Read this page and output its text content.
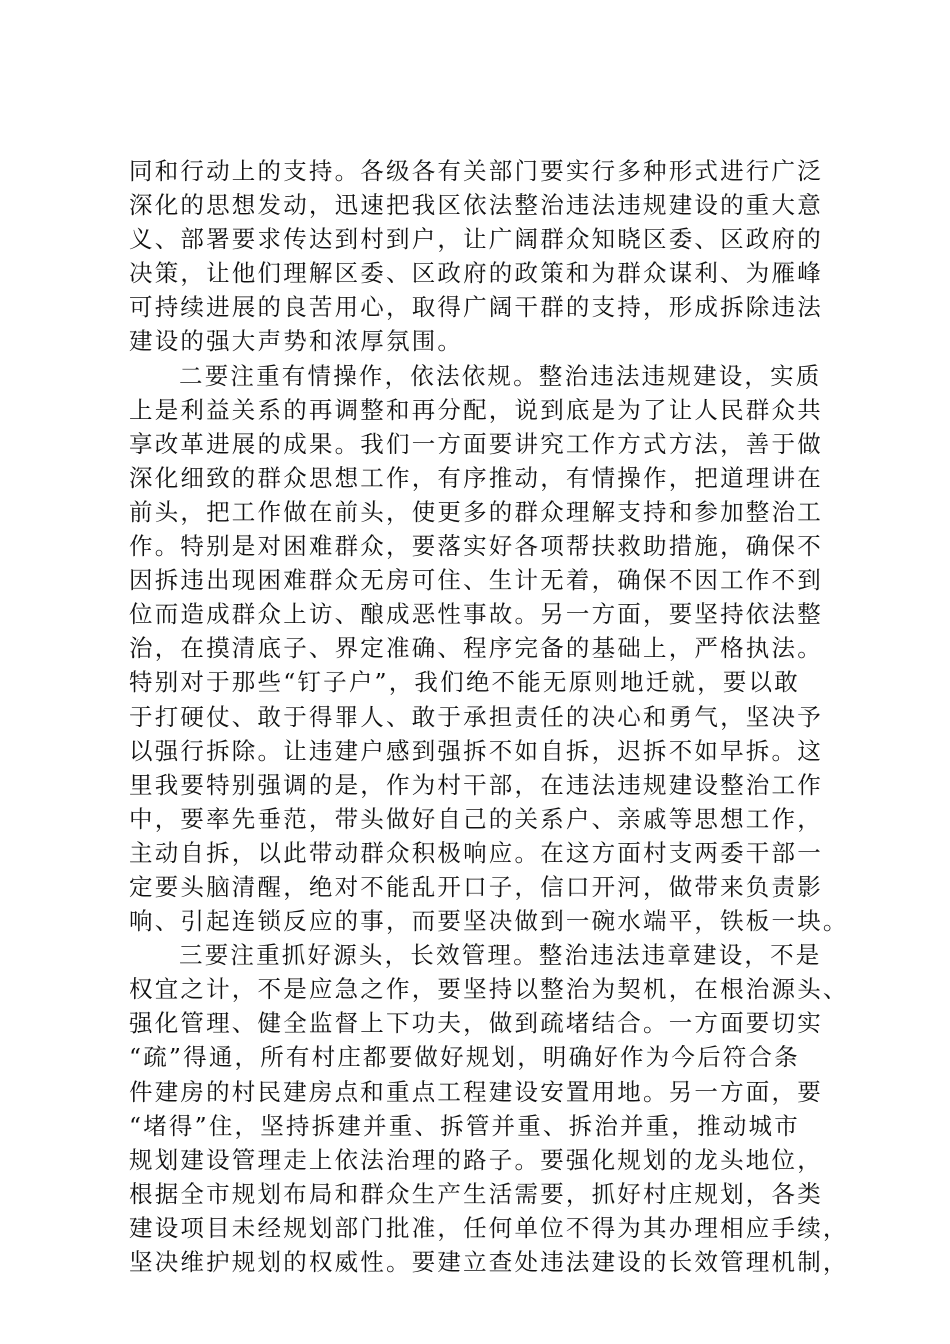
同和行动上的支持。各级各有关部门要实行多种形式进行广泛
深化的思想发动，迅速把我区依法整治违法违规建设的重大意
义、部署要求传达到村到户，让广阔群众知晓区委、区政府的
决策，让他们理解区委、区政府的政策和为群众谋利、为雁峰
可持续进展的良苦用心，取得广阔干群的支持，形成拆除违法
建设的强大声势和浓厚氛围。
二要注重有情操作，依法依规。整治违法违规建设，实质
上是利益关系的再调整和再分配，说到底是为了让人民群众共
享改革进展的成果。我们一方面要讲究工作方式方法，善于做
深化细致的群众思想工作，有序推动，有情操作，把道理讲在
前头，把工作做在前头，使更多的群众理解支持和参加整治工
作。特别是对困难群众，要落实好各项帮扶救助措施，确保不
因拆违出现困难群众无房可住、生计无着，确保不因工作不到
位而造成群众上访、酿成恶性事故。另一方面，要坚持依法整
治，在摸清底子、界定准确、程序完备的基础上，严格执法。
特别对于那些“钉子户”，我们绝不能无原则地迁就，要以敢
于打硬仗、敢于得罪人、敢于承担责任的决心和勇气，坚决予
以强行拆除。让违建户感到强拆不如自拆，迟拆不如早拆。这
里我要特别强调的是，作为村干部，在违法违规建设整治工作
中，要率先垂范，带头做好自己的关系户、亲戚等思想工作，
主动自拆，以此带动群众积极响应。在这方面村支两委干部一
定要头脑清醒，绝对不能乱开口子，信口开河，做带来负责影
响、引起连锁反应的事，而要坚决做到一碗水端平，铁板一块。
三要注重抓好源头，长效管理。整治违法违章建设，不是
权宜之计，不是应急之作，要坚持以整治为契机，在根治源头、
强化管理、健全监督上下功夫，做到疏堵结合。一方面要切实
“疏”得通，所有村庄都要做好规划，明确好作为今后符合条
件建房的村民建房点和重点工程建设安置用地。另一方面，要
“堵得”住，坚持拆建并重、拆管并重、拆治并重，推动城市
规划建设管理走上依法治理的路子。要强化规划的龙头地位，
根据全市规划布局和群众生产生活需要，抓好村庄规划，各类
建设项目未经规划部门批准，任何单位不得为其办理相应手续，
坚决维护规划的权威性。要建立查处违法建设的长效管理机制，
